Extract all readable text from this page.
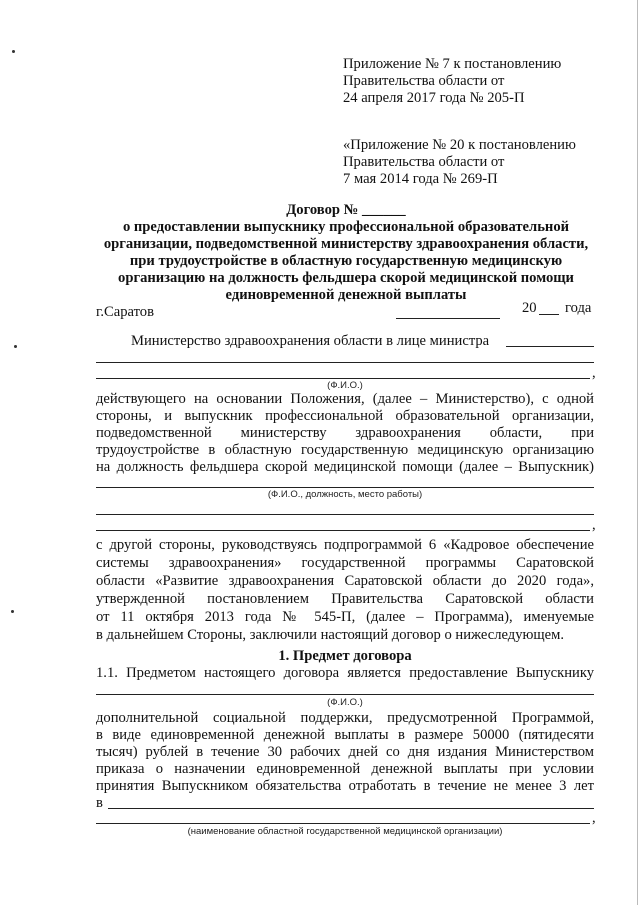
Приложение № 7 к постановлению
Правительства области от
24 апреля 2017 года № 205-П
«Приложение № 20 к постановлению
Правительства области от
7 мая 2014 года № 269-П
Договор № ______
о предоставлении выпускнику профессиональной образовательной
организации, подведомственной министерству здравоохранения области,
при трудоустройстве в областную государственную медицинскую
организацию на должность фельдшера скорой медицинской помощи
единовременной денежной выплаты
г.Саратов	20 года
Министерство здравоохранения области в лице министра
,
(Ф.И.О.)
действующего на основании Положения, (далее – Министерство), с одной
стороны, и выпускник профессиональной образовательной организации,
подведомственной министерству здравоохранения области, при
трудоустройстве в областную государственную медицинскую организацию
на должность фельдшера скорой медицинской помощи (далее – Выпускник)
(Ф.И.О., должность, место работы)
,
с другой стороны, руководствуясь подпрограммой 6 «Кадровое обеспечение
системы здравоохранения» государственной программы Саратовской
области «Развитие здравоохранения Саратовской области до 2020 года»,
утвержденной постановлением Правительства Саратовской области
от 11 октября 2013 года № 545-П, (далее – Программа), именуемые
в дальнейшем Стороны, заключили настоящий договор о нижеследующем.
1. Предмет договора
1.1. Предметом настоящего договора является предоставление Выпускнику
(Ф.И.О.)
дополнительной социальной поддержки, предусмотренной Программой,
в виде единовременной денежной выплаты в размере 50000 (пятидесяти
тысяч) рублей в течение 30 рабочих дней со дня издания Министерством
приказа о назначении единовременной денежной выплаты при условии
принятия Выпускником обязательства отработать в течение не менее 3 лет
в
,
(наименование областной государственной медицинской организации)
